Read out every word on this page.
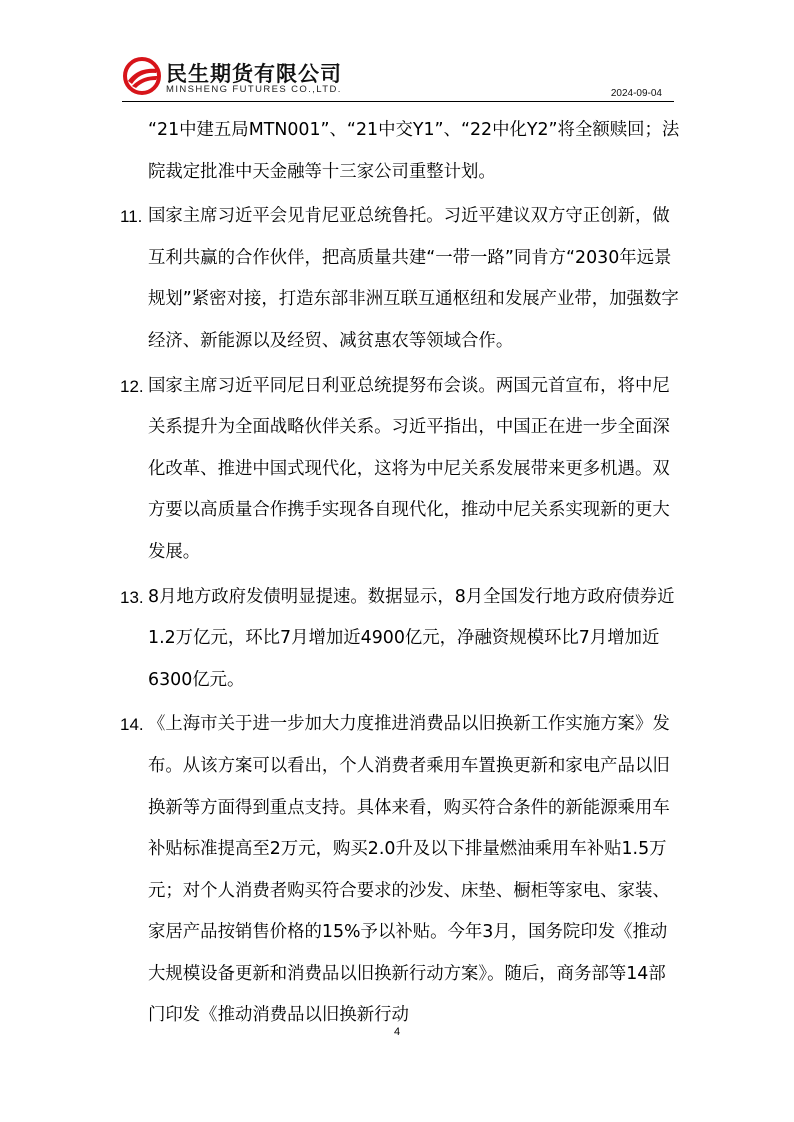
民生期货有限公司
MINSHENG FUTURES CO.,LTD.	2024-09-04
“21中建五局MTN001”、“21中交Y1”、“22中化Y2”将全额赎回；法院裁定批准中天金融等十三家公司重整计划。
11. 国家主席习近平会见肯尼亚总统鲁托。习近平建议双方守正创新，做互利共赢的合作伙伴，把高质量共建“一带一路”同肯方“2030年远景规划”紧密对接，打造东部非洲互联互通枢纽和发展产业带，加强数字经济、新能源以及经贸、减贫惠农等领域合作。
12. 国家主席习近平同尼日利亚总统提努布会谈。两国元首宣布，将中尼关系提升为全面战略伙伴关系。习近平指出，中国正在进一步全面深化改革、推进中国式现代化，这将为中尼关系发展带来更多机遇。双方要以高质量合作携手实现各自现代化，推动中尼关系实现新的更大发展。
13. 8月地方政府发债明显提速。数据显示，8月全国发行地方政府债券近1.2万亿元，环比7月增加近4900亿元，净融资规模环比7月增加近6300亿元。
14. 《上海市关于进一步加大力度推进消费品以旧换新工作实施方案》发布。从该方案可以看出，个人消费者乘用车置换更新和家电产品以旧换新等方面得到重点支持。具体来看，购买符合条件的新能源乘用车补贴标准提高至2万元，购买2.0升及以下排量燃油乘用车补贴1.5万元；对个人消费者购买符合要求的沙发、床垫、橱柜等家电、家装、家居产品按销售价格的15%予以补贴。今年3月，国务院印发《推动大规模设备更新和消费品以旧换新行动方案》。随后，商务部等14部门印发《推动消费品以旧换新行动
4
